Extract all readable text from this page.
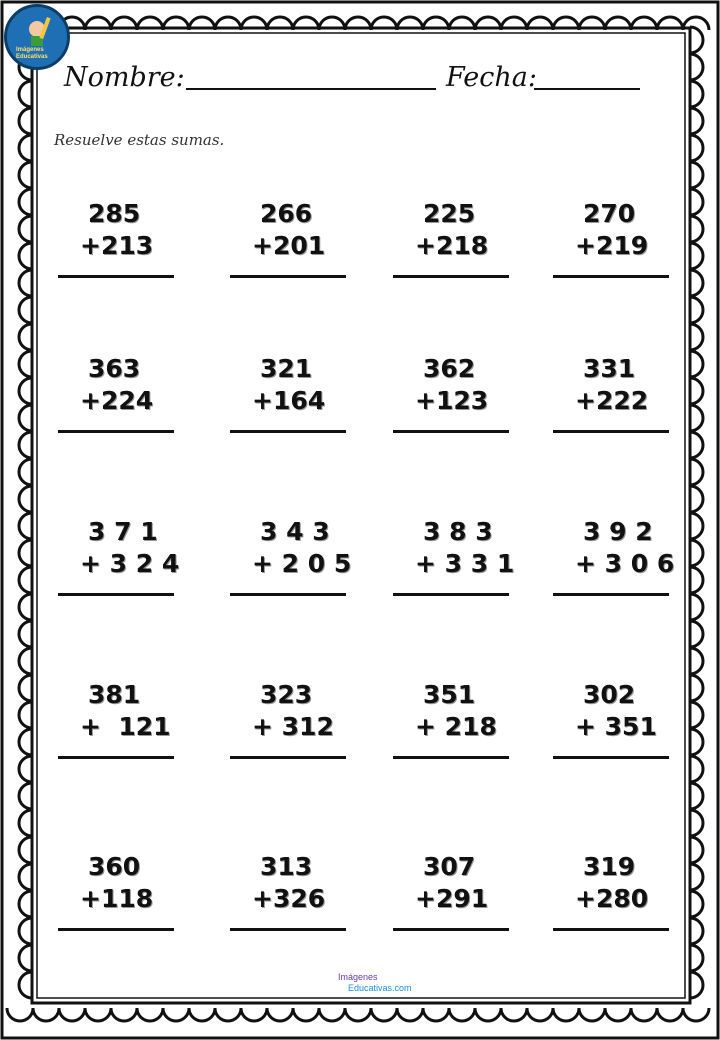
Imágenes Educativas
Nombre:	Fecha:
Resuelve estas sumas.
285
+213
266
+201
225
+218
270
+219
363
+224
321
+164
362
+123
331
+222
3 7 1
+ 3 2 4
3 4 3
+ 2 0 5
3 8 3
+ 3 3 1
3 9 2
+ 3 0 6
381
+  121
323
+ 312
351
+ 218
302
+ 351
360
+118
313
+326
307
+291
319
+280
Imágenes
Educativas.com
